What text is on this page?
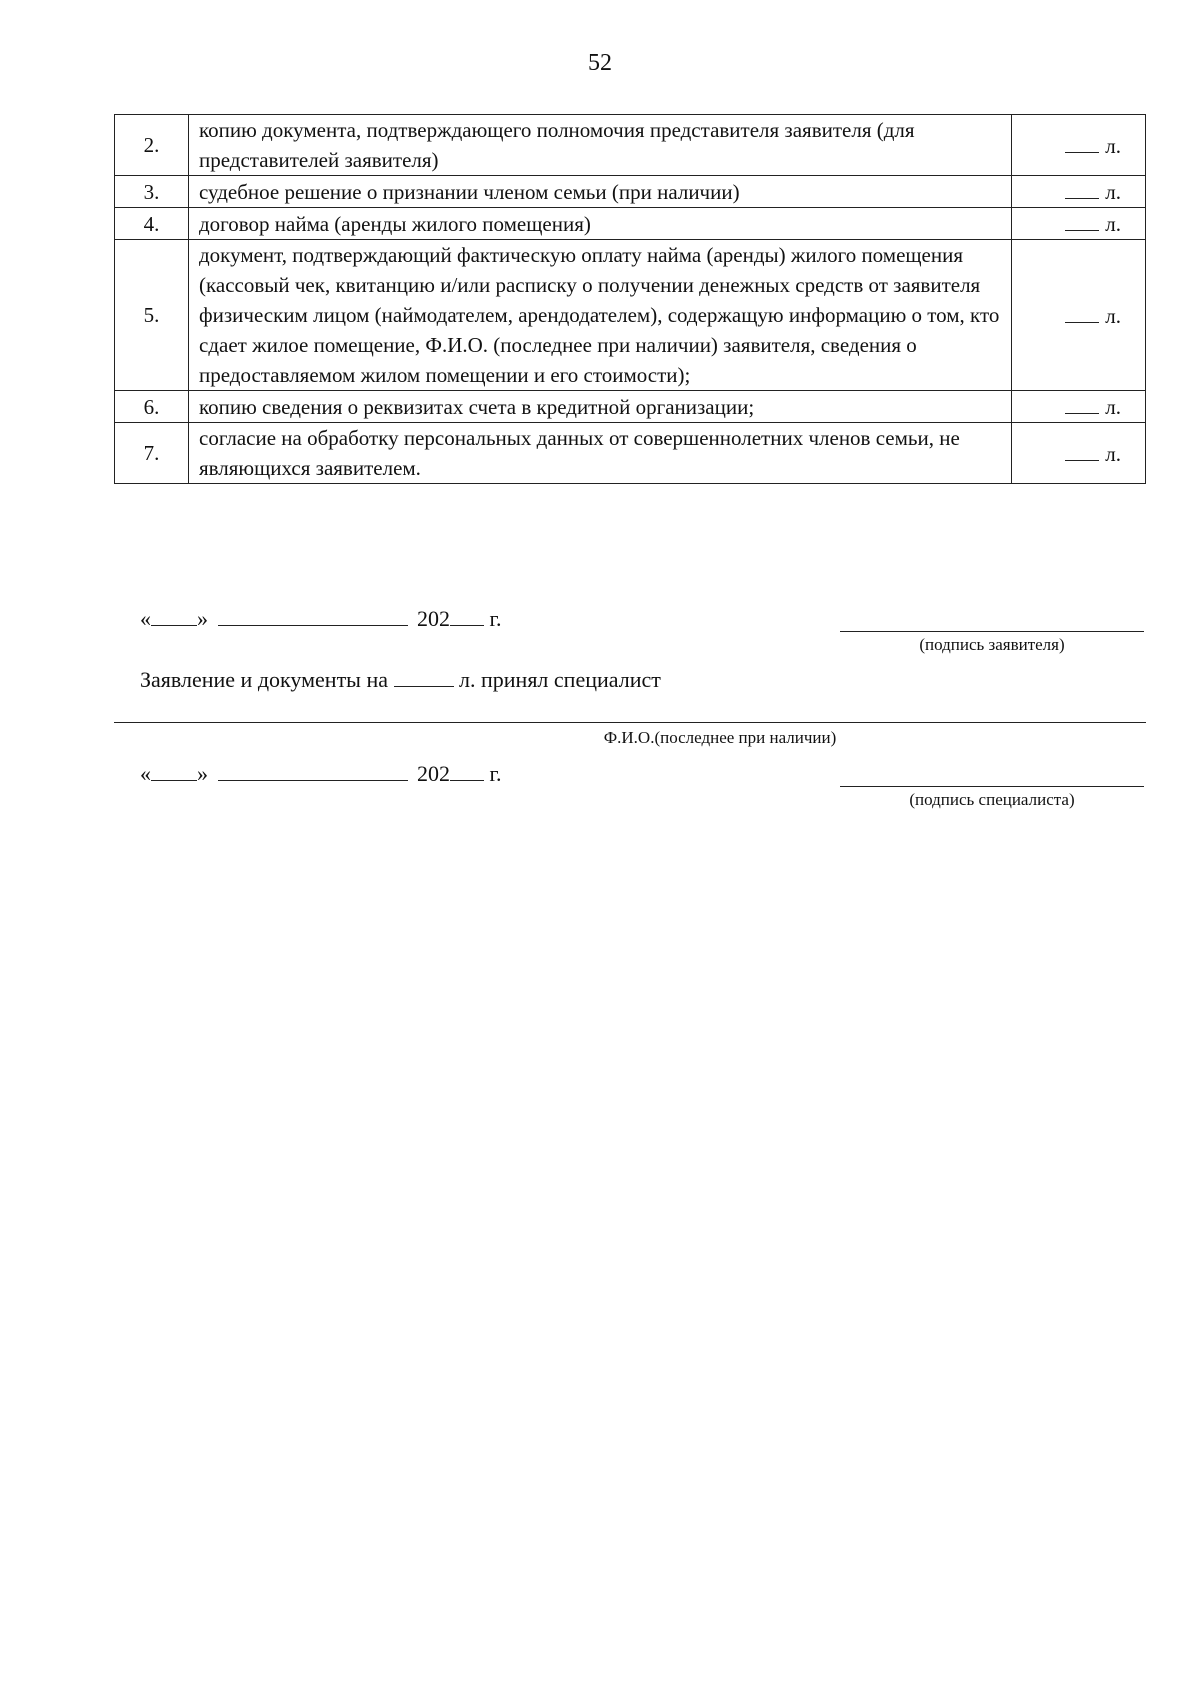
52
2.	копию документа, подтверждающего полномочия представителя заявителя (для представителей заявителя)	л.
3.	судебное решение о признании членом семьи (при наличии)	л.
4.	договор найма (аренды жилого помещения)	л.
5.	документ, подтверждающий фактическую оплату найма (аренды) жилого помещения (кассовый чек, квитанцию и/или расписку о получении денежных средств от заявителя физическим лицом (наймодателем, арендодателем), содержащую информацию о том, кто сдает жилое помещение, Ф.И.О. (последнее при наличии) заявителя, сведения о предоставляемом жилом помещении и его стоимости);	л.
6.	копию сведения о реквизитах счета в кредитной организации;	л.
7.	согласие на обработку персональных данных от совершеннолетних членов семьи, не являющихся заявителем.	л.
« »	202 г.
(подпись заявителя)
Заявление и документы на	л. принял специалист
Ф.И.О.(последнее при наличии)
« »	202 г.
(подпись специалиста)
